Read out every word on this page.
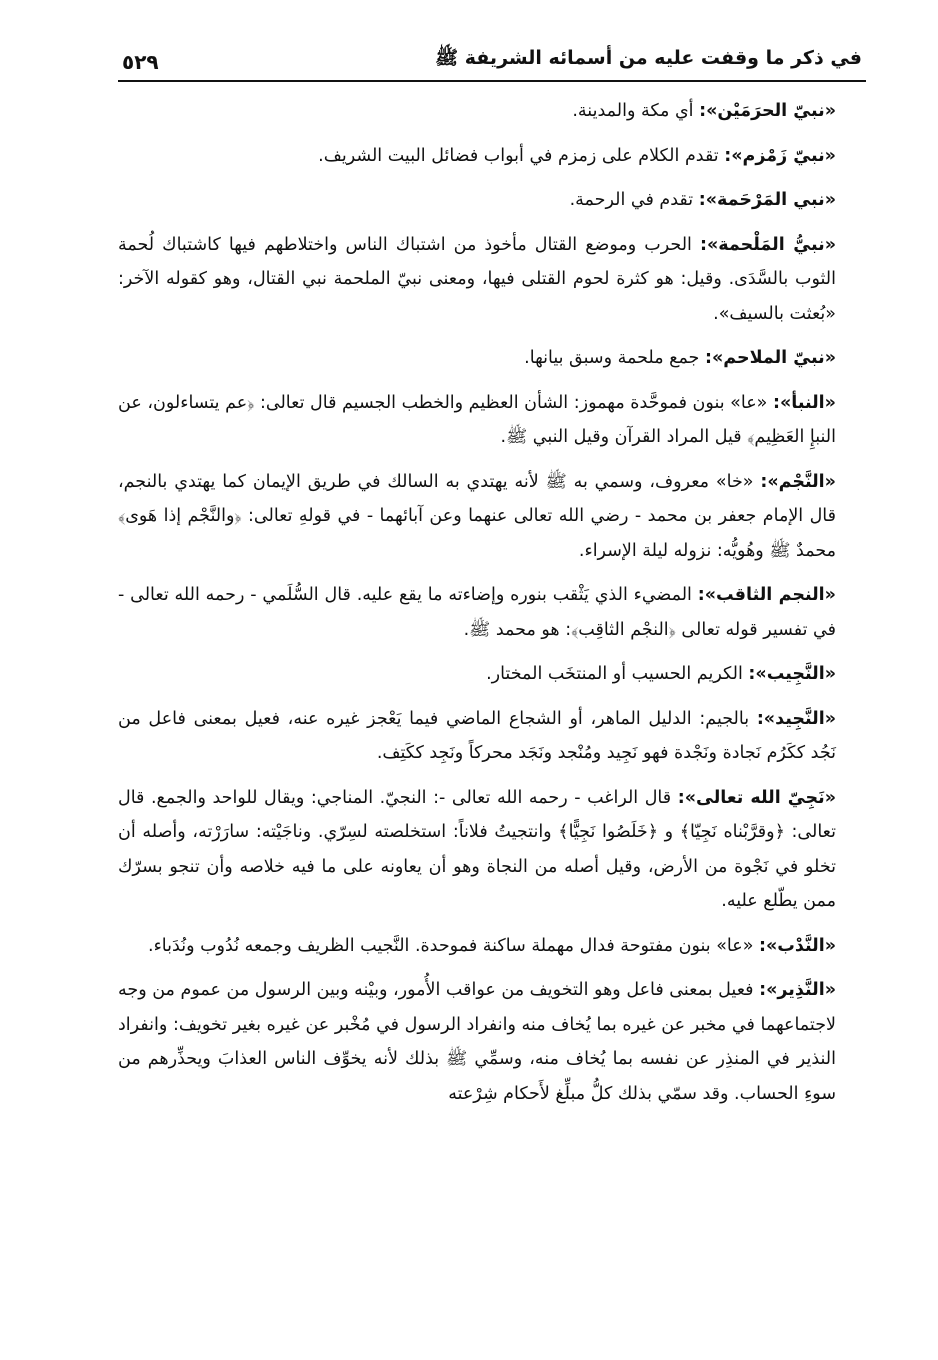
في ذكر ما وقفت عليه من أسمائه الشريفة ﷺ
٥٢٩

«نبيّ الحرَمَيْن»: أي مكة والمدينة.

«نبيّ زَمْزم»: تقدم الكلام على زمزم في أبواب فضائل البيت الشريف.

«نبي المَرْحَمة»: تقدم في الرحمة.

«نبيُّ المَلْحمة»: الحرب وموضع القتال مأخوذ من اشتباك الناس واختلاطهم فيها كاشتباك لُحمة الثوب بالسَّدَى. وقيل: هو كثرة لحوم القتلى فيها، ومعنى نبيّ الملحمة نبي القتال، وهو كقوله الآخر: «بُعثت بالسيف».

«نبيّ الملاحم»: جمع ملحمة وسبق بيانها.

«النبأ»: «عا» بنون فموحَّدة مهموز: الشأن العظيم والخطب الجسيم قال تعالى: ﴿عم يتساءلون، عن النبإِ العَظِيم﴾ قيل المراد القرآن وقيل النبي ﷺ.

«النَّجْم»: «خا» معروف، وسمي به ﷺ لأنه يهتدي به السالك في طريق الإيمان كما يهتدي بالنجم، قال الإمام جعفر بن محمد - رضي الله تعالى عنهما وعن آبائهما - في قولهِ تعالى: ﴿والنَّجْم إذا هَوى﴾ محمدٌ ﷺ وهُويُّه: نزوله ليلة الإسراء.

«النجم الثاقب»: المضيء الذي يَثْقب بنوره وإضاءته ما يقع عليه. قال السُّلَمي - رحمه الله تعالى - في تفسير قوله تعالى ﴿النجْم الثاقِب﴾: هو محمد ﷺ.

«النَّجِيب»: الكريم الحسيب أو المنتخَب المختار.

«النَّجِيد»: بالجيم: الدليل الماهر، أو الشجاع الماضي فيما يَعْجز غيره عنه، فعيل بمعنى فاعل من نَجُد ككَرُم نَجادة ونَجْدة فهو نَجِيد ومُنْجد ونَجَد محركاً ونَجِد ككَتِف.

«نَجِيّ الله تعالى»: قال الراغب - رحمه الله تعالى -: النجيّ. المناجي: ويقال للواحد والجمع. قال تعالى: ﴿وقرَّبْناه نَجِيّا﴾ و ﴿خَلَصُوا نَجِيًّا﴾ وانتجيتُ فلاناً: استخلصته لسِرّي. وناجَيْته: سارَرْته، وأصله أن تخلو في نَجْوة من الأرض، وقيل أصله من النجاة وهو أن يعاونه على ما فيه خلاصه وأن تنجو بسرّك ممن يطّلع عليه.

«النَّدْب»: «عا» بنون مفتوحة فدال مهملة ساكنة فموحدة. النَّجيب الظريف وجمعه نُدُوب ونُدَباء.

«النَّذِير»: فعيل بمعنى فاعل وهو التخويف من عواقب الأُمور، وبيْنه وبين الرسول من عموم من وجه لاجتماعهما في مخبر عن غيره بما يُخاف منه وانفراد الرسول في مُخْبر عن غيره بغير تخويف: وانفراد النذير في المنذِر عن نفسه بما يُخاف منه، وسمِّي ﷺ بذلك لأنه يخوِّف الناس العذابَ ويحذِّرهم من سوءِ الحساب. وقد سمّي بذلك كلُّ مبلِّغ لأَحكام شِرْعته
